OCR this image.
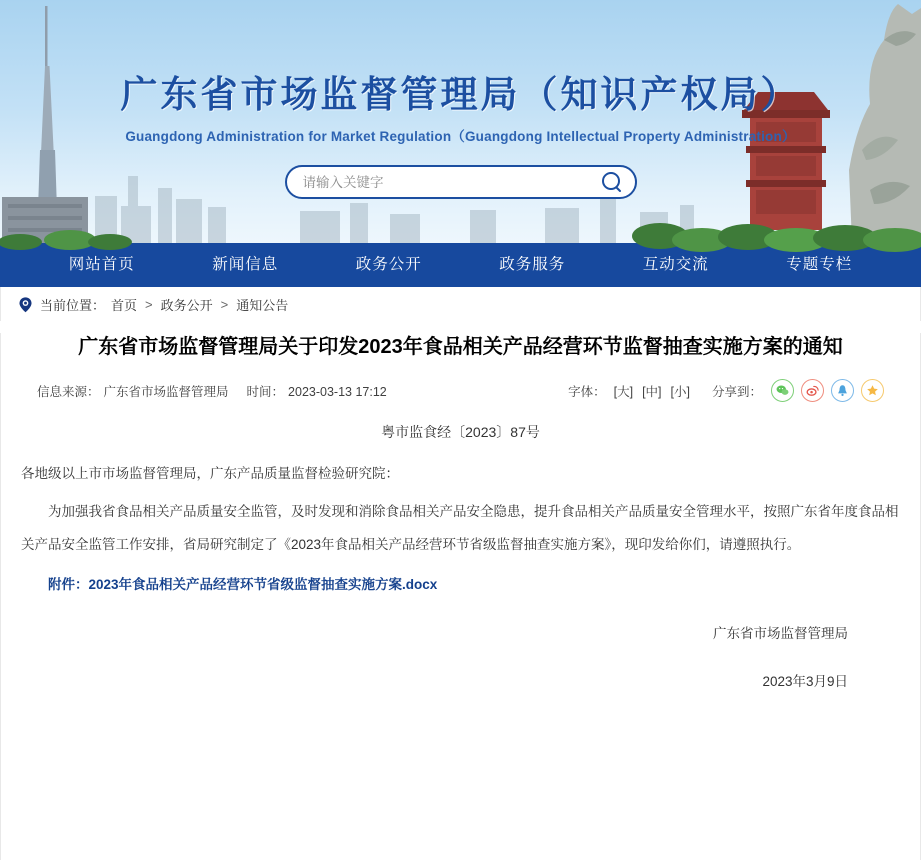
广东省市场监督管理局（知识产权局）
Guangdong Administration for Market Regulation（Guangdong Intellectual Property Administration）
请输入关键字
网站首页	新闻信息	政务公开	政务服务	互动交流	专题专栏
当前位置： 首页 > 政务公开 > 通知公告
广东省市场监督管理局关于印发2023年食品相关产品经营环节监督抽查实施方案的通知
信息来源： 广东省市场监督管理局 时间： 2023-03-13 17:12	字体： [大] [中] [小] 分享到：
粤市监食经〔2023〕87号

各地级以上市市场监督管理局，广东产品质量监督检验研究院：

为加强我省食品相关产品质量安全监管，及时发现和消除食品相关产品安全隐患，提升食品相关产品质量安全管理水平，按照广东省年度食品相关产品安全监管工作安排，省局研究制定了《2023年食品相关产品经营环节省级监督抽查实施方案》，现印发给你们，请遵照执行。

附件：2023年食品相关产品经营环节省级监督抽查实施方案.docx
广东省市场监督管理局
2023年3月9日
